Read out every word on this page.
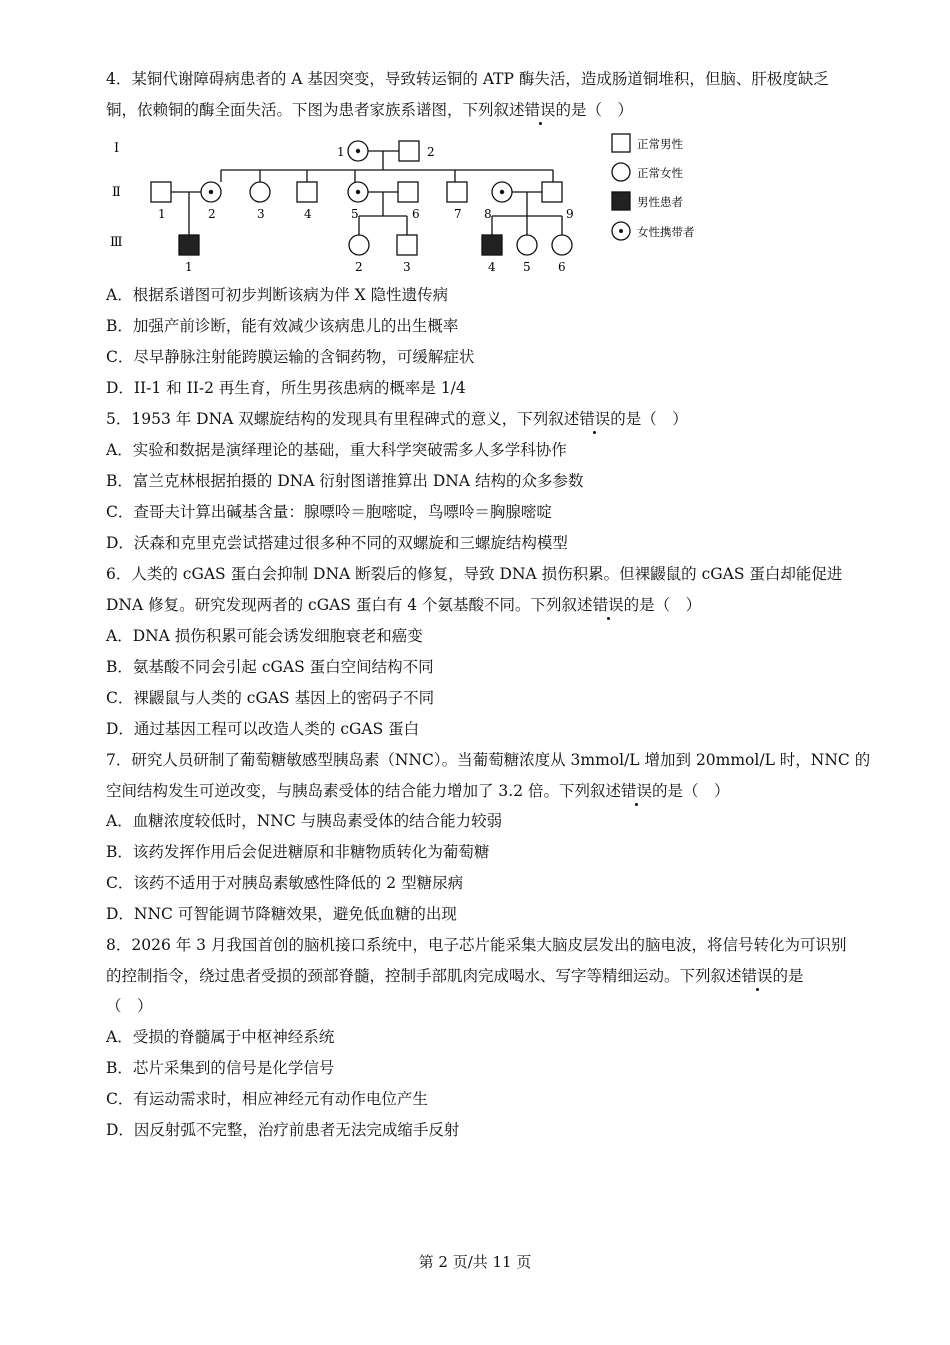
4．某铜代谢障碍病患者的 A 基因突变，导致转运铜的 ATP 酶失活，造成肠道铜堆积，但脑、肝极度缺乏
铜，依赖铜的酶全面失活。下图为患者家族系谱图，下列叙述错误的是（　）
Ⅰ
Ⅱ
Ⅲ
1	2
1	2	3	4	5	6	7 8	9
1	2	3	4 5 6
正常男性
正常女性
男性患者
女性携带者
A．根据系谱图可初步判断该病为伴 X 隐性遗传病
B．加强产前诊断，能有效减少该病患儿的出生概率
C．尽早静脉注射能跨膜运输的含铜药物，可缓解症状
D．II-1 和 II-2 再生育，所生男孩患病的概率是 1/4
5．1953 年 DNA 双螺旋结构的发现具有里程碑式的意义，下列叙述错误的是（　）
A．实验和数据是演绎理论的基础，重大科学突破需多人多学科协作
B．富兰克林根据拍摄的 DNA 衍射图谱推算出 DNA 结构的众多参数
C．查哥夫计算出碱基含量：腺嘌呤＝胞嘧啶，鸟嘌呤＝胸腺嘧啶
D．沃森和克里克尝试搭建过很多种不同的双螺旋和三螺旋结构模型
6．人类的 cGAS 蛋白会抑制 DNA 断裂后的修复，导致 DNA 损伤积累。但裸鼹鼠的 cGAS 蛋白却能促进
DNA 修复。研究发现两者的 cGAS 蛋白有 4 个氨基酸不同。下列叙述错误的是（　）
A．DNA 损伤积累可能会诱发细胞衰老和癌变
B．氨基酸不同会引起 cGAS 蛋白空间结构不同
C．裸鼹鼠与人类的 cGAS 基因上的密码子不同
D．通过基因工程可以改造人类的 cGAS 蛋白
7．研究人员研制了葡萄糖敏感型胰岛素（NNC）。当葡萄糖浓度从 3mmol/L 增加到 20mmol/L 时，NNC 的
空间结构发生可逆改变，与胰岛素受体的结合能力增加了 3.2 倍。下列叙述错误的是（　）
A．血糖浓度较低时，NNC 与胰岛素受体的结合能力较弱
B．该药发挥作用后会促进糖原和非糖物质转化为葡萄糖
C．该药不适用于对胰岛素敏感性降低的 2 型糖尿病
D．NNC 可智能调节降糖效果，避免低血糖的出现
8．2026 年 3 月我国首创的脑机接口系统中，电子芯片能采集大脑皮层发出的脑电波，将信号转化为可识别
的控制指令，绕过患者受损的颈部脊髓，控制手部肌肉完成喝水、写字等精细运动。下列叙述错误的是
（　）
A．受损的脊髓属于中枢神经系统
B．芯片采集到的信号是化学信号
C．有运动需求时，相应神经元有动作电位产生
D．因反射弧不完整，治疗前患者无法完成缩手反射
第 2 页/共 11 页
